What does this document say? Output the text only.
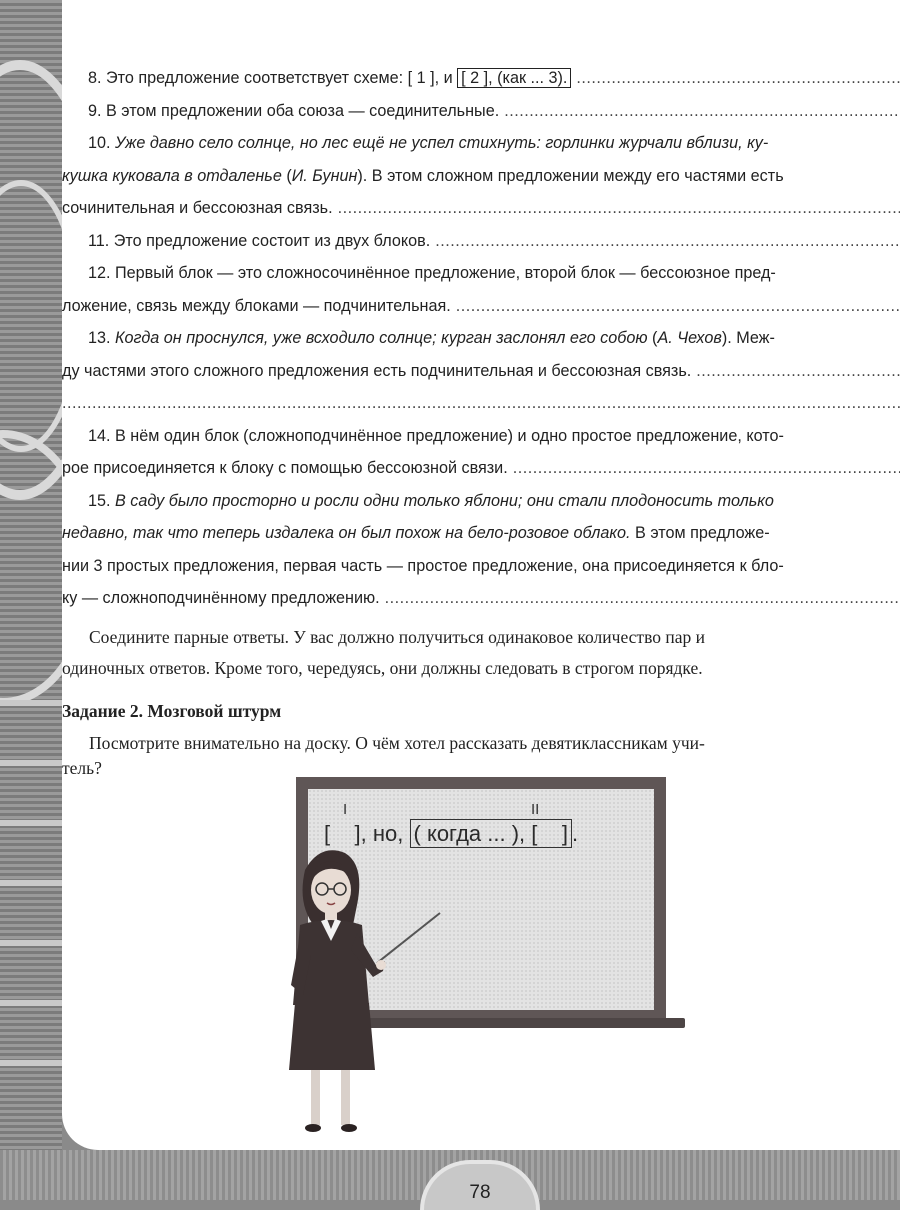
78
8. Это предложение соответствует схеме: [ 1 ], и [ 2 ], (как ... 3). .....
9. В этом предложении оба союза — соединительные. .....
10. Уже давно село солнце, но лес ещё не успел стихнуть: горлинки журчали вблизи, ку-
кушка куковала в отдаленье (И. Бунин). В этом сложном предложении между его частями есть
сочинительная и бессоюзная связь. .....
11. Это предложение состоит из двух блоков. .....
12. Первый блок — это сложносочинённое предложение, второй блок — бессоюзное пред-
ложение, связь между блоками — подчинительная. .....
13. Когда он проснулся, уже всходило солнце; курган заслонял его собою (А. Чехов). Меж-
ду частями этого сложного предложения есть подчинительная и бессоюзная связь. .....
.....
14. В нём один блок (сложноподчинённое предложение) и одно простое предложение, кото-
рое присоединяется к блоку с помощью бессоюзной связи. .....
15. В саду было просторно и росли одни только яблони; они стали плодоносить только
недавно, так что теперь издалека он был похож на бело-розовое облако. В этом предложе-
нии 3 простых предложения, первая часть — простое предложение, она присоединяется к бло-
ку — сложноподчинённому предложению. .....
Соедините парные ответы. У вас должно получиться одинаковое количество пар и
одиночных ответов. Кроме того, чередуясь, они должны следовать в строгом порядке.
Задание 2. Мозговой штурм
Посмотрите внимательно на доску. О чём хотел рассказать девятиклассникам учи-
тель?
I	II
[    ], но, ( когда ... ), [    ] .
